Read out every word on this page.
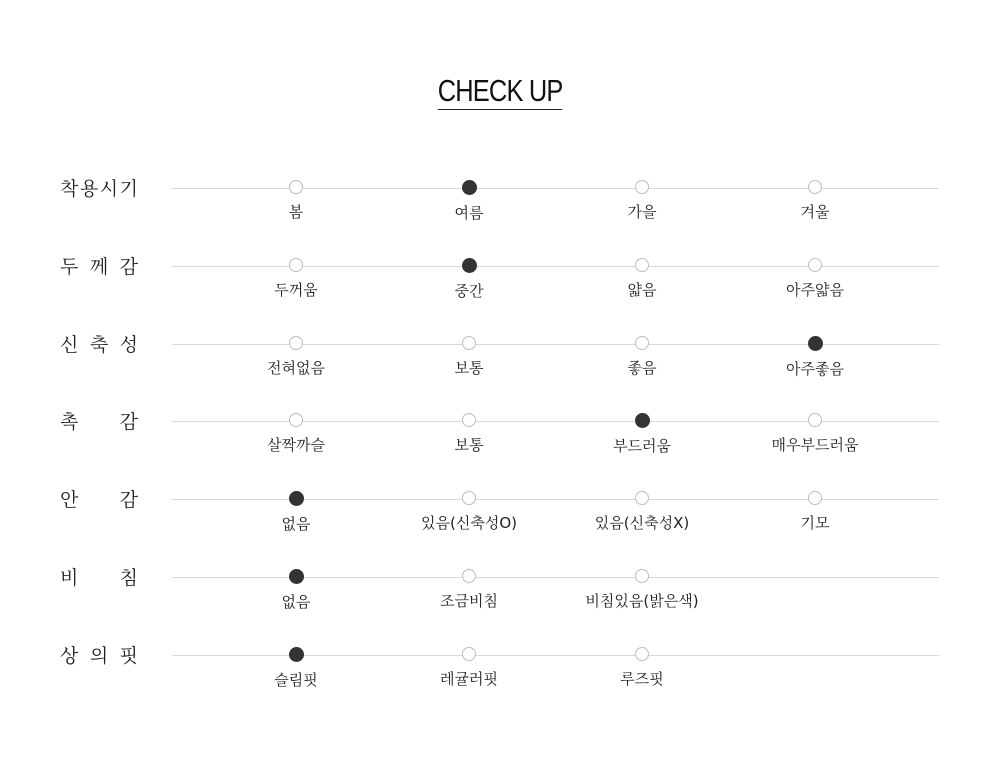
CHECK UP
착 용 시 기
봄	여름	가을	겨울
두 께 감
두꺼움	중간	얇음	아주얇음
신 축 성
전혀없음	보통	좋음	아주좋음
촉 감
살짝까슬	보통	부드러움	매우부드러움
안 감
없음	있음(신축성O)	있음(신축성X)	기모
비 침
없음	조금비침	비침있음(밝은색)
상 의 핏
슬림핏	레귤러핏	루즈핏
